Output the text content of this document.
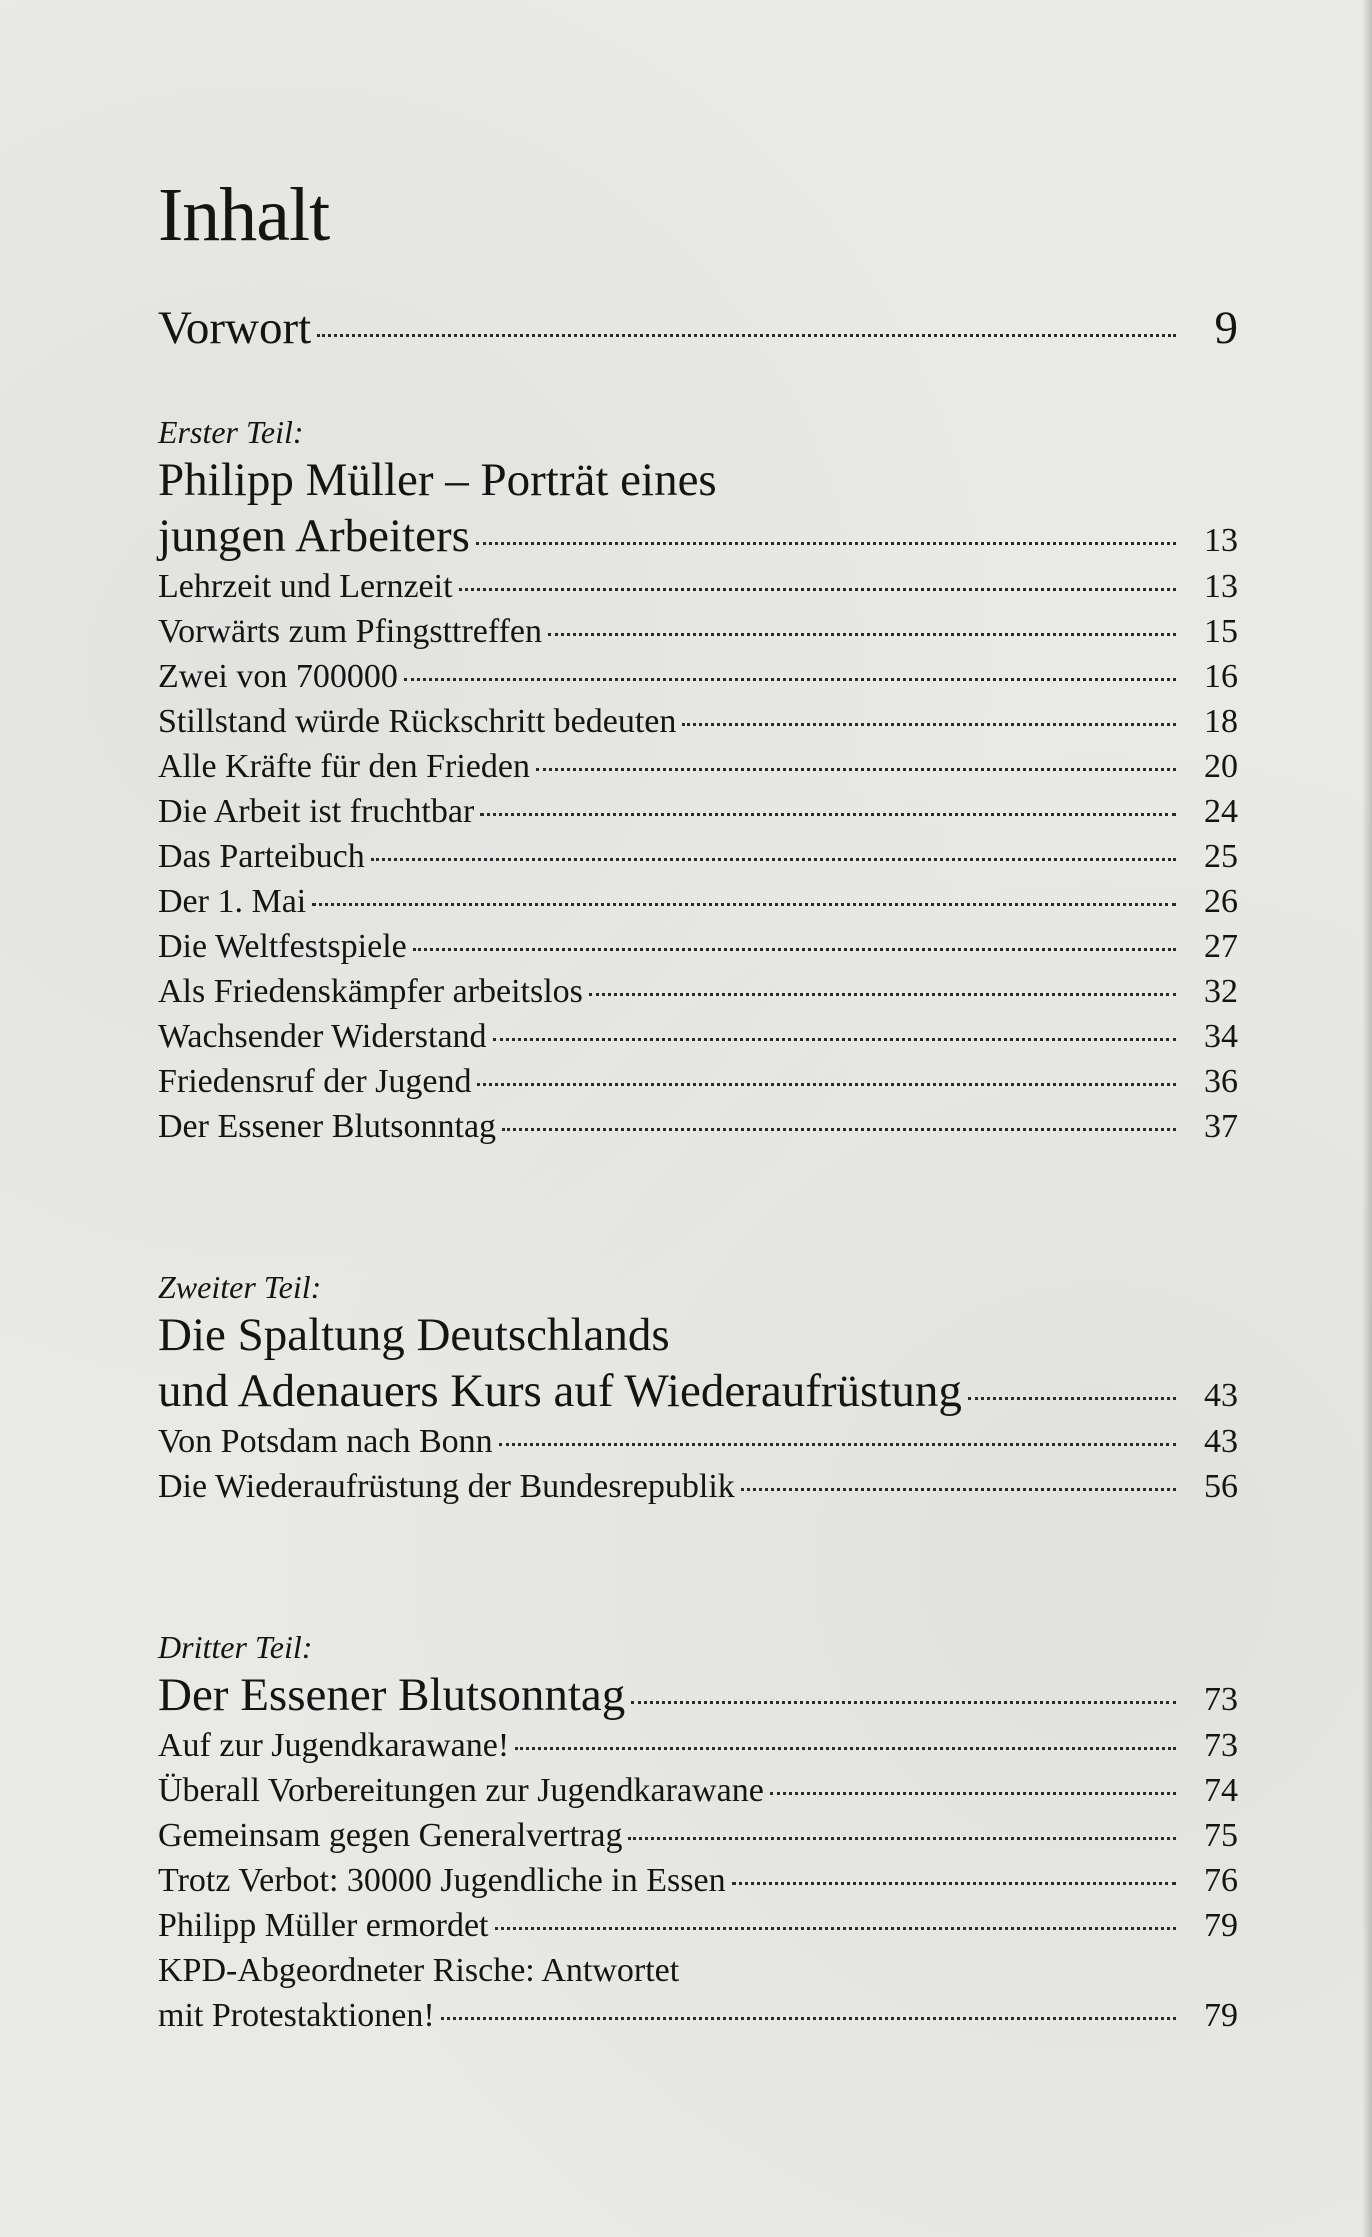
Inhalt
Vorwort	9
Erster Teil:
Philipp Müller – Porträt eines
jungen Arbeiters	13
Lehrzeit und Lernzeit	13
Vorwärts zum Pfingsttreffen	15
Zwei von 700000	16
Stillstand würde Rückschritt bedeuten	18
Alle Kräfte für den Frieden	20
Die Arbeit ist fruchtbar	24
Das Parteibuch	25
Der 1. Mai	26
Die Weltfestspiele	27
Als Friedenskämpfer arbeitslos	32
Wachsender Widerstand	34
Friedensruf der Jugend	36
Der Essener Blutsonntag	37
Zweiter Teil:
Die Spaltung Deutschlands
und Adenauers Kurs auf Wiederaufrüstung	43
Von Potsdam nach Bonn	43
Die Wiederaufrüstung der Bundesrepublik	56
Dritter Teil:
Der Essener Blutsonntag	73
Auf zur Jugendkarawane!	73
Überall Vorbereitungen zur Jugendkarawane	74
Gemeinsam gegen Generalvertrag	75
Trotz Verbot: 30000 Jugendliche in Essen	76
Philipp Müller ermordet	79
KPD-Abgeordneter Rische: Antwortet
mit Protestaktionen!	79
